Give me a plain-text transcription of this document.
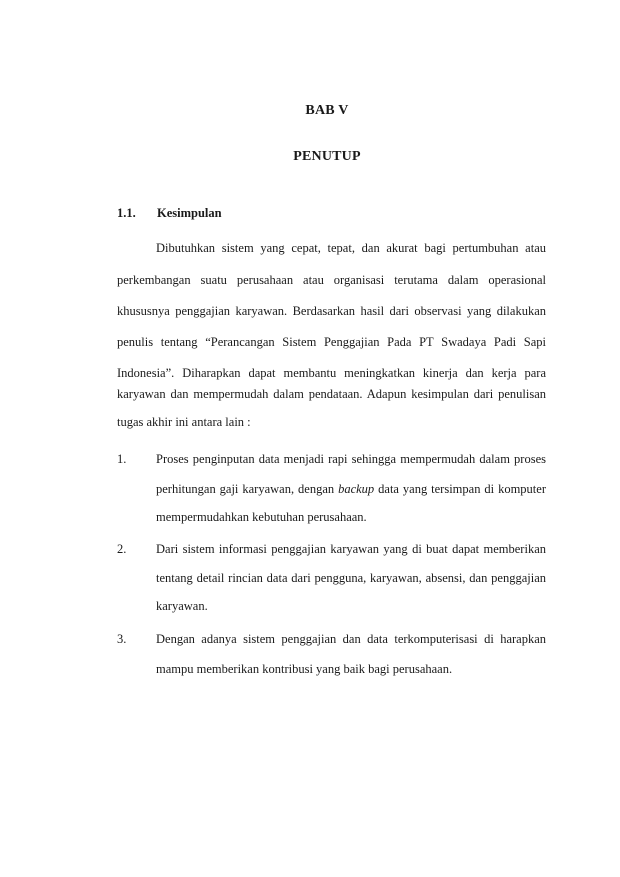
BAB V
PENUTUP
1.1. Kesimpulan
Dibutuhkan sistem yang cepat, tepat, dan akurat bagi pertumbuhan atau
perkembangan suatu perusahaan atau organisasi terutama dalam operasional
khususnya penggajian karyawan. Berdasarkan hasil dari observasi yang dilakukan
penulis tentang “Perancangan Sistem Penggajian Pada PT Swadaya Padi Sapi
Indonesia”. Diharapkan dapat membantu meningkatkan kinerja dan kerja para
karyawan dan mempermudah dalam pendataan. Adapun kesimpulan dari penulisan
tugas akhir ini antara lain :
1. Proses penginputan data menjadi rapi sehingga mempermudah dalam proses
perhitungan gaji karyawan, dengan backup data yang tersimpan di komputer
mempermudahkan kebutuhan perusahaan.
2. Dari sistem informasi penggajian karyawan yang di buat dapat memberikan
tentang detail rincian data dari pengguna, karyawan, absensi, dan penggajian
karyawan.
3. Dengan adanya sistem penggajian dan data terkomputerisasi di harapkan
mampu memberikan kontribusi yang baik bagi perusahaan.
